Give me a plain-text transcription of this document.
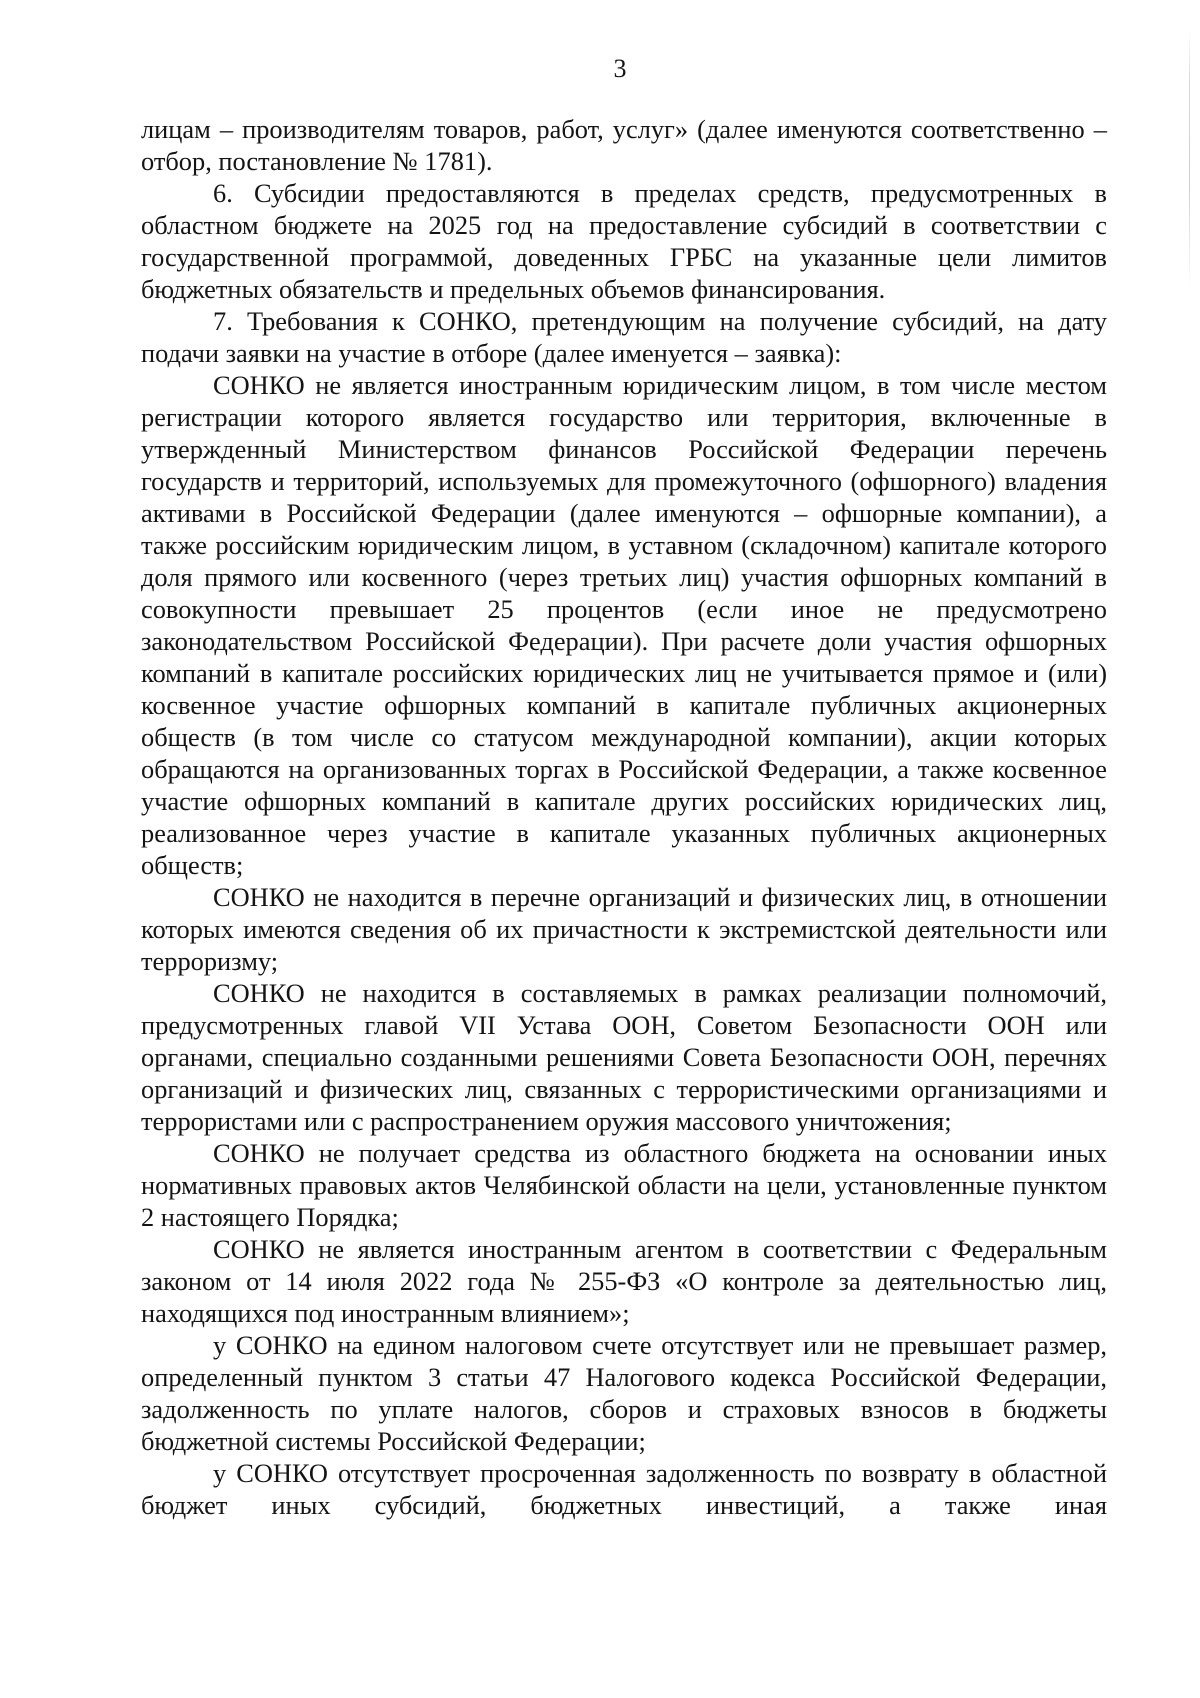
3

лицам – производителям товаров, работ, услуг» (далее именуются соответственно – отбор, постановление № 1781).

6. Субсидии предоставляются в пределах средств, предусмотренных в областном бюджете на 2025 год на предоставление субсидий в соответствии с государственной программой, доведенных ГРБС на указанные цели лимитов бюджетных обязательств и предельных объемов финансирования.

7. Требования к СОНКО, претендующим на получение субсидий, на дату подачи заявки на участие в отборе (далее именуется – заявка):

СОНКО не является иностранным юридическим лицом, в том числе местом регистрации которого является государство или территория, включенные в утвержденный Министерством финансов Российской Федерации перечень государств и территорий, используемых для промежуточного (офшорного) владения активами в Российской Федерации (далее именуются – офшорные компании), а также российским юридическим лицом, в уставном (складочном) капитале которого доля прямого или косвенного (через третьих лиц) участия офшорных компаний в совокупности превышает 25 процентов (если иное не предусмотрено законодательством Российской Федерации). При расчете доли участия офшорных компаний в капитале российских юридических лиц не учитывается прямое и (или) косвенное участие офшорных компаний в капитале публичных акционерных обществ (в том числе со статусом международной компании), акции которых обращаются на организованных торгах в Российской Федерации, а также косвенное участие офшорных компаний в капитале других российских юридических лиц, реализованное через участие в капитале указанных публичных акционерных обществ;

СОНКО не находится в перечне организаций и физических лиц, в отношении которых имеются сведения об их причастности к экстремистской деятельности или терроризму;

СОНКО не находится в составляемых в рамках реализации полномочий, предусмотренных главой VII Устава ООН, Советом Безопасности ООН или органами, специально созданными решениями Совета Безопасности ООН, перечнях организаций и физических лиц, связанных с террористическими организациями и террористами или с распространением оружия массового уничтожения;

СОНКО не получает средства из областного бюджета на основании иных нормативных правовых актов Челябинской области на цели, установленные пунктом 2 настоящего Порядка;

СОНКО не является иностранным агентом в соответствии с Федеральным законом от 14 июля 2022 года № 255-ФЗ «О контроле за деятельностью лиц, находящихся под иностранным влиянием»;

у СОНКО на едином налоговом счете отсутствует или не превышает размер, определенный пунктом 3 статьи 47 Налогового кодекса Российской Федерации, задолженность по уплате налогов, сборов и страховых взносов в бюджеты бюджетной системы Российской Федерации;

у СОНКО отсутствует просроченная задолженность по возврату в областной бюджет иных субсидий, бюджетных инвестиций, а также иная
